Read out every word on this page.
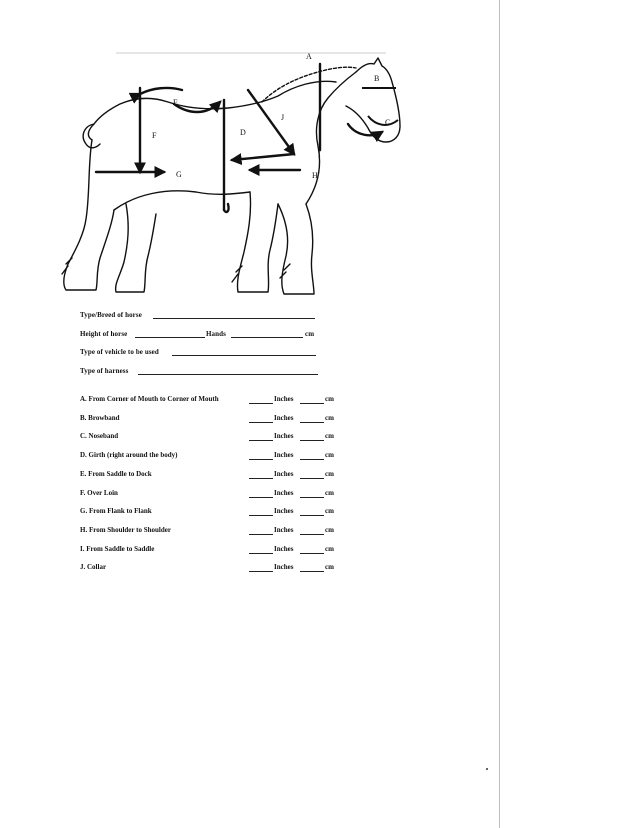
A
B
C
D
E
F
G	H
I
J
Type/Breed of horse
Height of horse	Hands	cm
Type of vehicle to be used
Type of harness
A. From Corner of Mouth to Corner of Mouth	Inches	cm
B. Browband	Inches	cm
C. Noseband	Inches	cm
D. Girth (right around the body)	Inches	cm
E. From Saddle to Dock	Inches	cm
F. Over Loin	Inches	cm
G. From Flank to Flank	Inches	cm
H. From Shoulder to Shoulder	Inches	cm
I. From Saddle to Saddle	Inches	cm
J. Collar	Inches	cm
